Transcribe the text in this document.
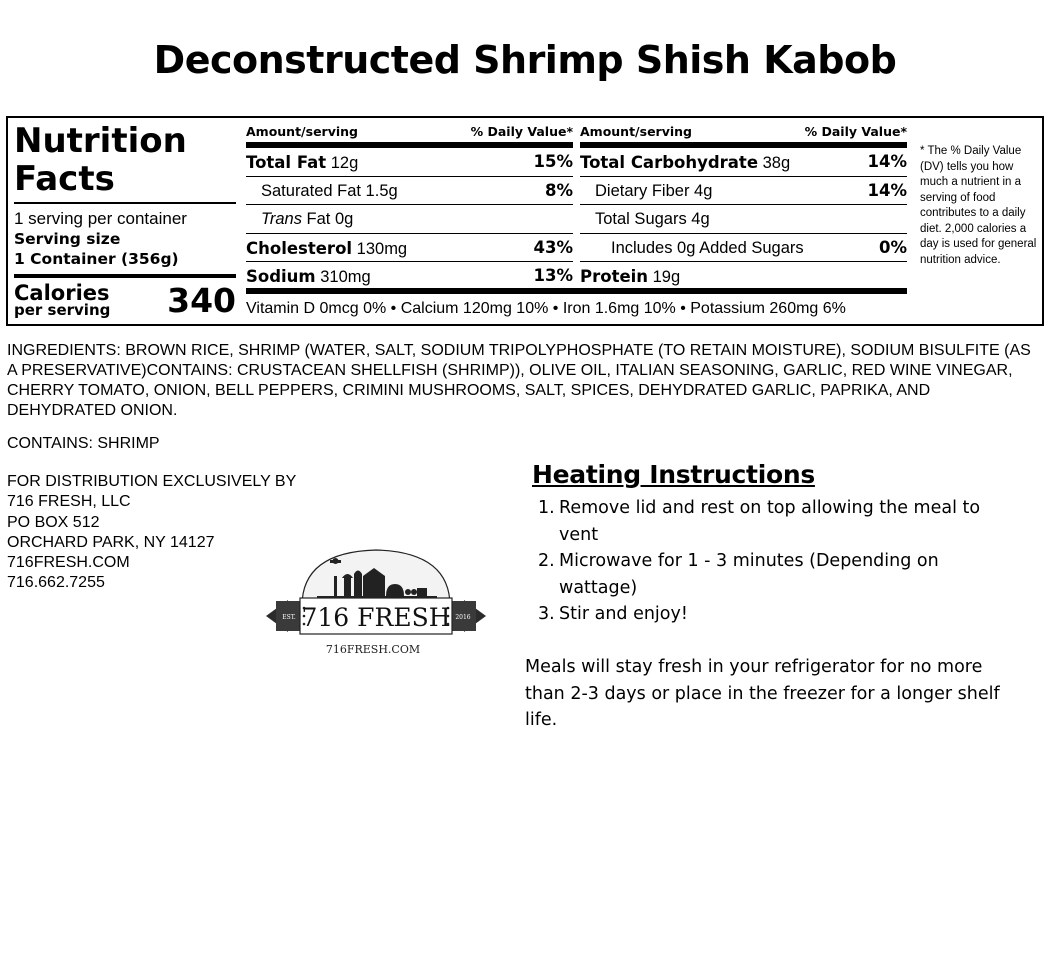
Deconstructed Shrimp Shish Kabob
Nutrition
Facts
1 serving per container
Serving size
1 Container (356g)
Calories
per serving 340
Amount/serving	% Daily Value*
Total Fat 12g	15%
Saturated Fat 1.5g	8%
Trans Fat 0g
Cholesterol 130mg	43%
Sodium 310mg	13%
Amount/serving	% Daily Value*
Total Carbohydrate 38g	14%
Dietary Fiber 4g	14%
Total Sugars 4g
Includes 0g Added Sugars	0%
Protein 19g
Vitamin D 0mcg 0% • Calcium 120mg 10% • Iron 1.6mg 10% • Potassium 260mg 6%
* The % Daily Value (DV) tells you how much a nutrient in a serving of food contributes to a daily diet. 2,000 calories a day is used for general nutrition advice.
INGREDIENTS: BROWN RICE, SHRIMP (WATER, SALT, SODIUM TRIPOLYPHOSPHATE (TO RETAIN MOISTURE), SODIUM BISULFITE (AS A PRESERVATIVE)CONTAINS: CRUSTACEAN SHELLFISH (SHRIMP)), OLIVE OIL, ITALIAN SEASONING, GARLIC, RED WINE VINEGAR, CHERRY TOMATO, ONION, BELL PEPPERS, CRIMINI MUSHROOMS, SALT, SPICES, DEHYDRATED GARLIC, PAPRIKA, AND DEHYDRATED ONION.
CONTAINS: SHRIMP
FOR DISTRIBUTION EXCLUSIVELY BY
716 FRESH, LLC
PO BOX 512
ORCHARD PARK, NY 14127
716FRESH.COM
716.662.7255
EST.	2016
716 FRESH
716FRESH.COM
Heating Instructions
1. Remove lid and rest on top allowing the meal to vent
2. Microwave for 1 - 3 minutes (Depending on wattage)
3. Stir and enjoy!
Meals will stay fresh in your refrigerator for no more than 2-3 days or place in the freezer for a longer shelf life.
